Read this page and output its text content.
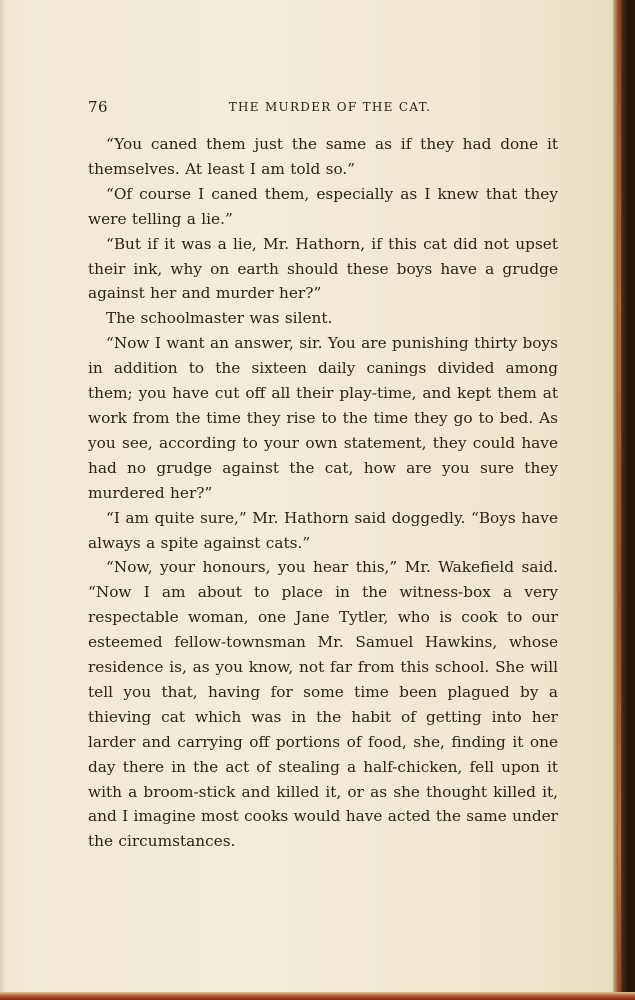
76	THE MURDER OF THE CAT.

“You caned them just the same as if they had done it themselves. At least I am told so.”

“Of course I caned them, especially as I knew that they were telling a lie.”

“But if it was a lie, Mr. Hathorn, if this cat did not upset their ink, why on earth should these boys have a grudge against her and murder her?”

The schoolmaster was silent.

“Now I want an answer, sir. You are punishing thirty boys in addition to the sixteen daily canings divided among them; you have cut off all their play-time, and kept them at work from the time they rise to the time they go to bed. As you see, according to your own statement, they could have had no grudge against the cat, how are you sure they murdered her?”

“I am quite sure,” Mr. Hathorn said doggedly. “Boys have always a spite against cats.”

“Now, your honours, you hear this,” Mr. Wakefield said. “Now I am about to place in the witness-box a very respectable woman, one Jane Tytler, who is cook to our esteemed fellow-townsman Mr. Samuel Hawkins, whose residence is, as you know, not far from this school. She will tell you that, having for some time been plagued by a thieving cat which was in the habit of getting into her larder and carrying off portions of food, she, finding it one day there in the act of stealing a half-chicken, fell upon it with a broom-stick and killed it, or as she thought killed it, and I imagine most cooks would have acted the same under the circumstances.
